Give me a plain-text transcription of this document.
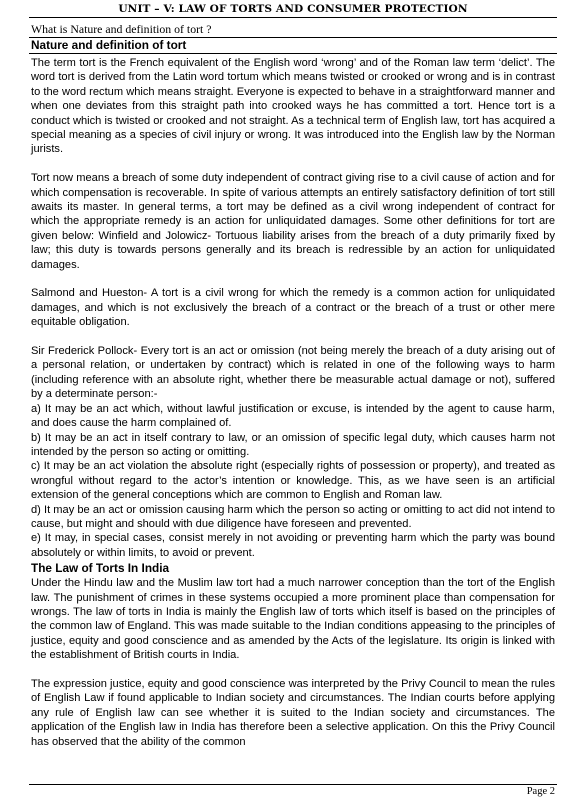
UNIT – V: LAW OF TORTS AND CONSUMER PROTECTION
What is Nature and definition of tort ?
Nature and definition of tort

The term tort is the French equivalent of the English word ‘wrong’ and of the Roman law term ‘delict’. The word tort is derived from the Latin word tortum which means twisted or crooked or wrong and is in contrast to the word rectum which means straight. Everyone is expected to behave in a straightforward manner and when one deviates from this straight path into crooked ways he has committed a tort. Hence tort is a conduct which is twisted or crooked and not straight. As a technical term of English law, tort has acquired a special meaning as a species of civil injury or wrong. It was introduced into the English law by the Norman jurists.

Tort now means a breach of some duty independent of contract giving rise to a civil cause of action and for which compensation is recoverable. In spite of various attempts an entirely satisfactory definition of tort still awaits its master. In general terms, a tort may be defined as a civil wrong independent of contract for which the appropriate remedy is an action for unliquidated damages. Some other definitions for tort are given below: Winfield and Jolowicz- Tortuous liability arises from the breach of a duty primarily fixed by law; this duty is towards persons generally and its breach is redressible by an action for unliquidated damages.

Salmond and Hueston- A tort is a civil wrong for which the remedy is a common action for unliquidated damages, and which is not exclusively the breach of a contract or the breach of a trust or other mere equitable obligation.

Sir Frederick Pollock- Every tort is an act or omission (not being merely the breach of a duty arising out of a personal relation, or undertaken by contract) which is related in one of the following ways to harm (including reference with an absolute right, whether there be measurable actual damage or not), suffered by a determinate person:-

a) It may be an act which, without lawful justification or excuse, is intended by the agent to cause harm, and does cause the harm complained of.

b) It may be an act in itself contrary to law, or an omission of specific legal duty, which causes harm not intended by the person so acting or omitting.

c) It may be an act violation the absolute right (especially rights of possession or property), and treated as wrongful without regard to the actor’s intention or knowledge. This, as we have seen is an artificial extension of the general conceptions which are common to English and Roman law.

d) It may be an act or omission causing harm which the person so acting or omitting to act did not intend to cause, but might and should with due diligence have foreseen and prevented.

e) It may, in special cases, consist merely in not avoiding or preventing harm which the party was bound absolutely or within limits, to avoid or prevent.

The Law of Torts In India

Under the Hindu law and the Muslim law tort had a much narrower conception than the tort of the English law. The punishment of crimes in these systems occupied a more prominent place than compensation for wrongs. The law of torts in India is mainly the English law of torts which itself is based on the principles of the common law of England. This was made suitable to the Indian conditions appeasing to the principles of justice, equity and good conscience and as amended by the Acts of the legislature. Its origin is linked with the establishment of British courts in India.

The expression justice, equity and good conscience was interpreted by the Privy Council to mean the rules of English Law if found applicable to Indian society and circumstances. The Indian courts before applying any rule of English law can see whether it is suited to the Indian society and circumstances. The application of the English law in India has therefore been a selective application. On this the Privy Council has observed that the ability of the common

Page 2
